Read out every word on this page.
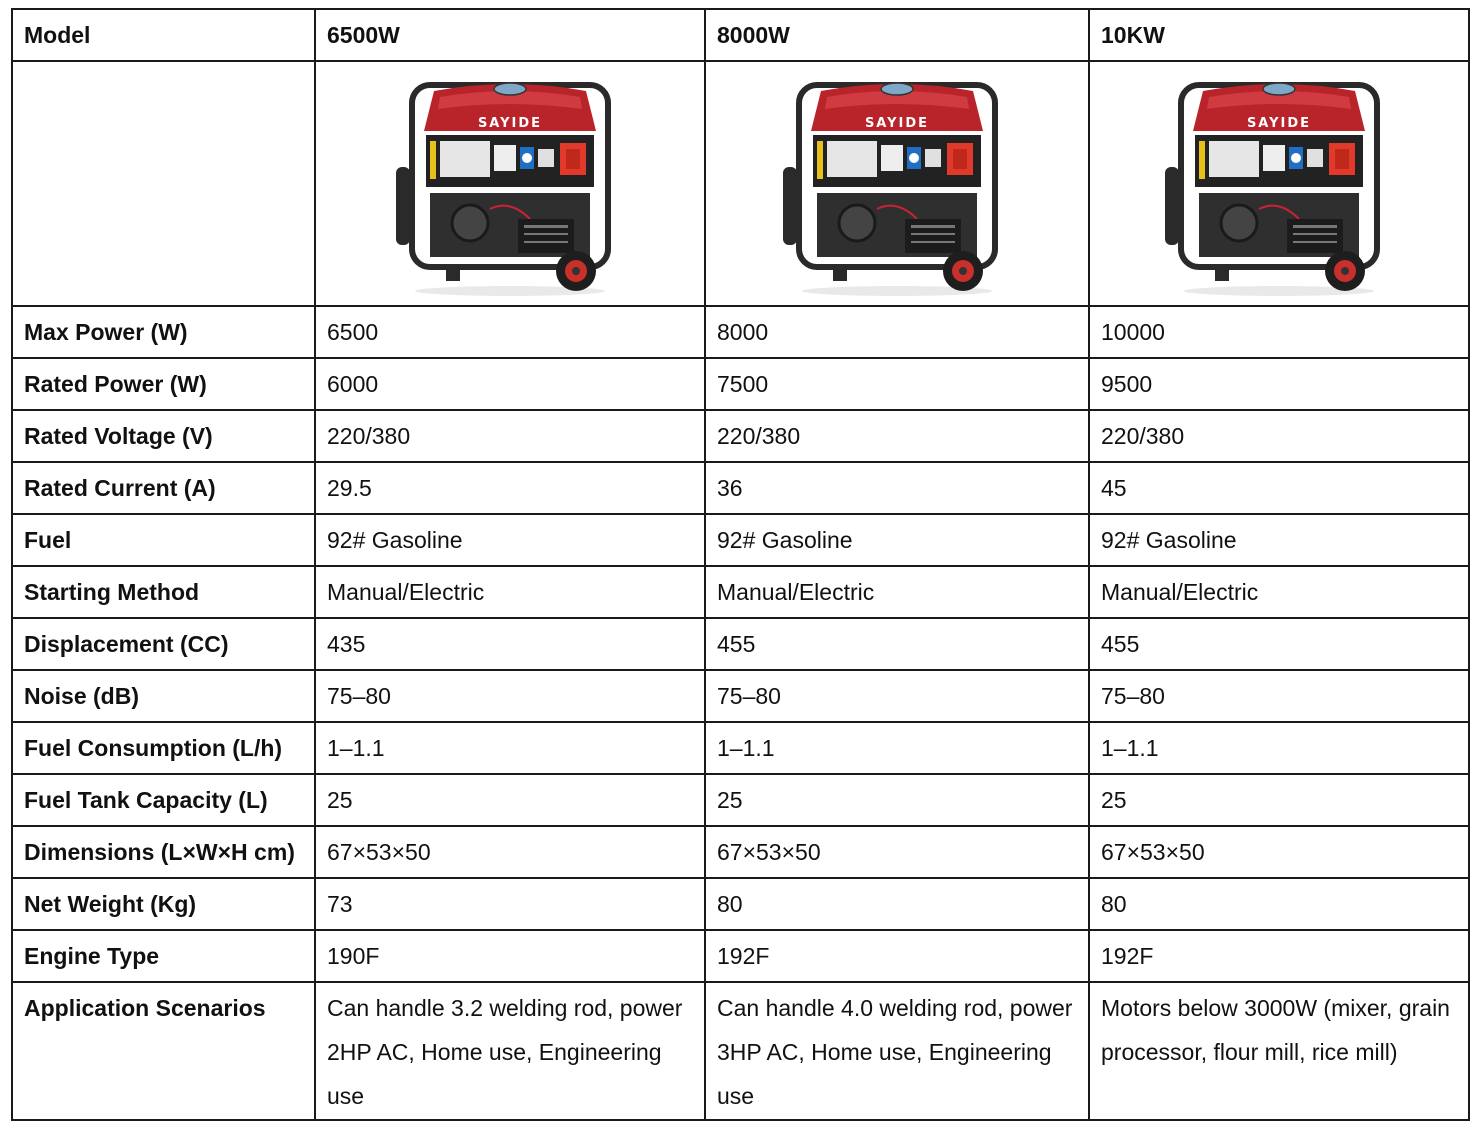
Model	6500W	8000W	10KW

SAYIDE	SAYIDE	SAYIDE

Max Power (W)	6500	8000	10000
Rated Power (W)	6000	7500	9500
Rated Voltage (V)	220/380	220/380	220/380
Rated Current (A)	29.5	36	45
Fuel	92# Gasoline	92# Gasoline	92# Gasoline
Starting Method	Manual/Electric	Manual/Electric	Manual/Electric
Displacement (CC)	435	455	455
Noise (dB)	75–80	75–80	75–80
Fuel Consumption (L/h)	1–1.1	1–1.1	1–1.1
Fuel Tank Capacity (L)	25	25	25
Dimensions (L×W×H cm)	67×53×50	67×53×50	67×53×50
Net Weight (Kg)	73	80	80
Engine Type	190F	192F	192F

Application Scenarios	Can handle 3.2 welding rod, power 2HP AC, Home use, Engineering use	Can handle 4.0 welding rod, power 3HP AC, Home use, Engineering use	Motors below 3000W (mixer, grain processor, flour mill, rice mill)
